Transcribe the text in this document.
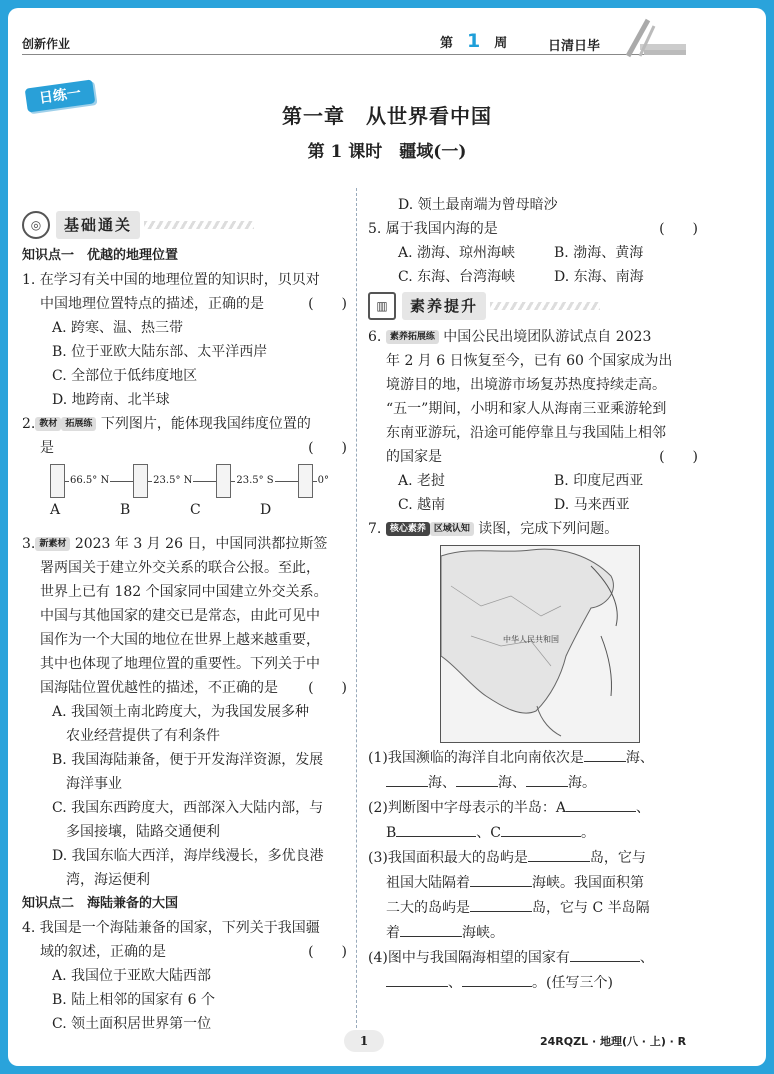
创新作业	第 1 周	日清日毕
日练一
第一章　从世界看中国
第 1 课时　疆域(一)
◎	基础通关

知识点一　优越的地理位置

1. 在学习有关中国的地理位置的知识时，贝贝对

中国地理位置特点的描述，正确的是	(　　)

A. 跨寒、温、热三带

B. 位于亚欧大陆东部、太平洋西岸

C. 全部位于低纬度地区

D. 地跨南、北半球

2. 教材 拓展练 下列图片，能体现我国纬度位置的

是	(　　)

66.5° N	23.5° N	23.5° S	0°
A	B	C	D

3. 新素材 2023 年 3 月 26 日，中国同洪都拉斯签

署两国关于建立外交关系的联合公报。至此，

世界上已有 182 个国家同中国建立外交关系。

中国与其他国家的建交已是常态，由此可见中

国作为一个大国的地位在世界上越来越重要，

其中也体现了地理位置的重要性。下列关于中

国海陆位置优越性的描述，不正确的是 (　　)

A. 我国领土南北跨度大，为我国发展多种

农业经营提供了有利条件

B. 我国海陆兼备，便于开发海洋资源，发展

海洋事业

C. 我国东西跨度大，西部深入大陆内部，与

多国接壤，陆路交通便利

D. 我国东临大西洋，海岸线漫长，多优良港

湾，海运便利

知识点二　海陆兼备的大国

4. 我国是一个海陆兼备的国家，下列关于我国疆

域的叙述，正确的是	(　　)

A. 我国位于亚欧大陆西部

B. 陆上相邻的国家有 6 个

C. 领土面积居世界第一位

D. 领土最南端为曾母暗沙

5. 属于我国内海的是	(　　)

A. 渤海、琼州海峡	B. 渤海、黄海

C. 东海、台湾海峡	D. 东海、南海

▥	素养提升

6. 素养拓展练 中国公民出境团队游试点自 2023

年 2 月 6 日恢复至今，已有 60 个国家成为出

境游目的地，出境游市场复苏热度持续走高。

“五一”期间，小明和家人从海南三亚乘游轮到

东南亚游玩，沿途可能停靠且与我国陆上相邻

的国家是	(　　)

A. 老挝	B. 印度尼西亚

C. 越南	D. 马来西亚

7. 核心素养 区域认知 读图，完成下列问题。

中华人民共和国

(1)我国濒临的海洋自北向南依次是	海、

海、	海、	海。

(2)判断图中字母表示的半岛：A	、

B	、C	。

(3)我国面积最大的岛屿是	岛，它与

祖国大陆隔着	海峡。我国面积第

二大的岛屿是	岛，它与 C 半岛隔

着	海峡。

(4)图中与我国隔海相望的国家有	、

、	。(任写三个)

1	24RQZL · 地理(八 · 上) · R
